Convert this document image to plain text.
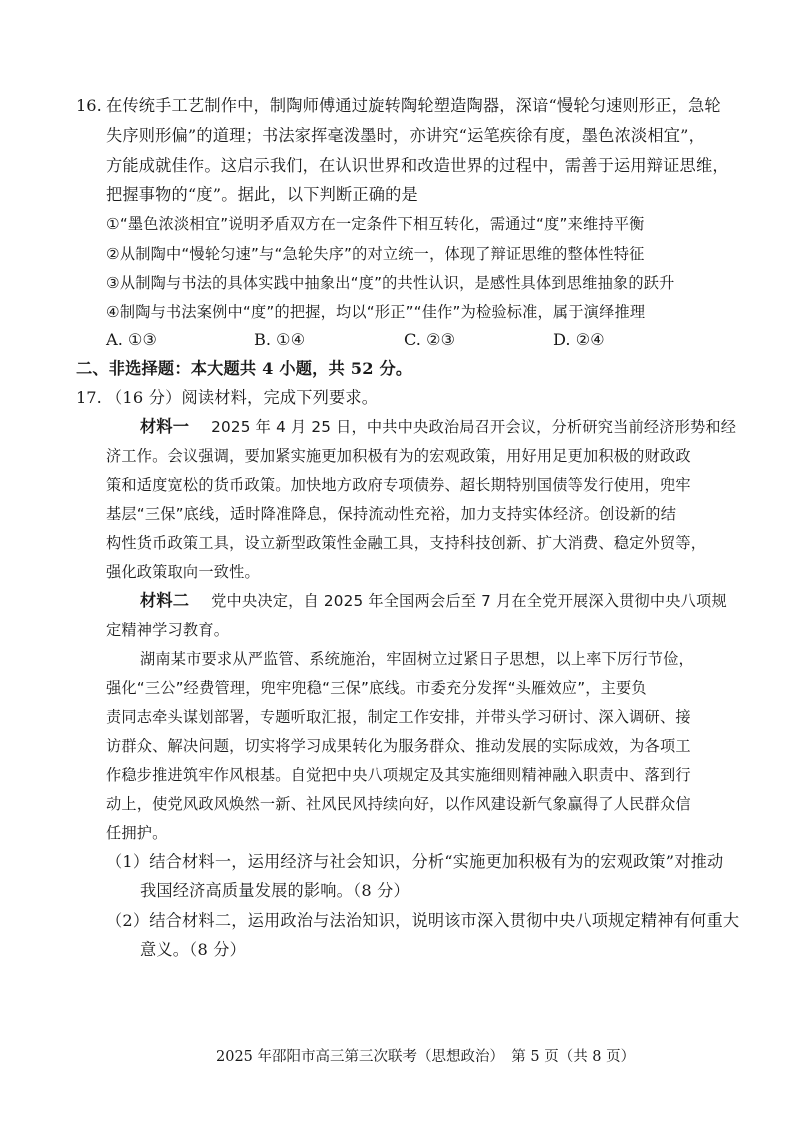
16. 在传统手工艺制作中，制陶师傅通过旋转陶轮塑造陶器，深谙“慢轮匀速则形正，急轮
失序则形偏”的道理；书法家挥毫泼墨时，亦讲究“运笔疾徐有度，墨色浓淡相宜”，
方能成就佳作。这启示我们，在认识世界和改造世界的过程中，需善于运用辩证思维，
把握事物的“度”。据此，以下判断正确的是
①“墨色浓淡相宜”说明矛盾双方在一定条件下相互转化，需通过“度”来维持平衡
②从制陶中“慢轮匀速”与“急轮失序”的对立统一，体现了辩证思维的整体性特征
③从制陶与书法的具体实践中抽象出“度”的共性认识，是感性具体到思维抽象的跃升
④制陶与书法案例中“度”的把握，均以“形正”“佳作”为检验标准，属于演绎推理
A. ①③	B. ①④	C. ②③	D. ②④
二、非选择题：本大题共 4 小题，共 52 分。
17. （16 分）阅读材料，完成下列要求。
材料一 2025 年 4 月 25 日，中共中央政治局召开会议，分析研究当前经济形势和经
济工作。会议强调，要加紧实施更加积极有为的宏观政策，用好用足更加积极的财政政
策和适度宽松的货币政策。加快地方政府专项债券、超长期特别国债等发行使用，兜牢
基层“三保”底线，适时降准降息，保持流动性充裕，加力支持实体经济。创设新的结
构性货币政策工具，设立新型政策性金融工具，支持科技创新、扩大消费、稳定外贸等，
强化政策取向一致性。
材料二 党中央决定，自 2025 年全国两会后至 7 月在全党开展深入贯彻中央八项规
定精神学习教育。
湖南某市要求从严监管、系统施治，牢固树立过紧日子思想，以上率下厉行节俭，
强化“三公”经费管理，兜牢兜稳“三保”底线。市委充分发挥“头雁效应”，主要负
责同志牵头谋划部署，专题听取汇报，制定工作安排，并带头学习研讨、深入调研、接
访群众、解决问题，切实将学习成果转化为服务群众、推动发展的实际成效，为各项工
作稳步推进筑牢作风根基。自觉把中央八项规定及其实施细则精神融入职责中、落到行
动上，使党风政风焕然一新、社风民风持续向好，以作风建设新气象赢得了人民群众信
任拥护。
（1）结合材料一，运用经济与社会知识，分析“实施更加积极有为的宏观政策”对推动
我国经济高质量发展的影响。（8 分）
（2）结合材料二，运用政治与法治知识，说明该市深入贯彻中央八项规定精神有何重大
意义。（8 分）
2025 年邵阳市高三第三次联考（思想政治）　第 5 页（共 8 页）
